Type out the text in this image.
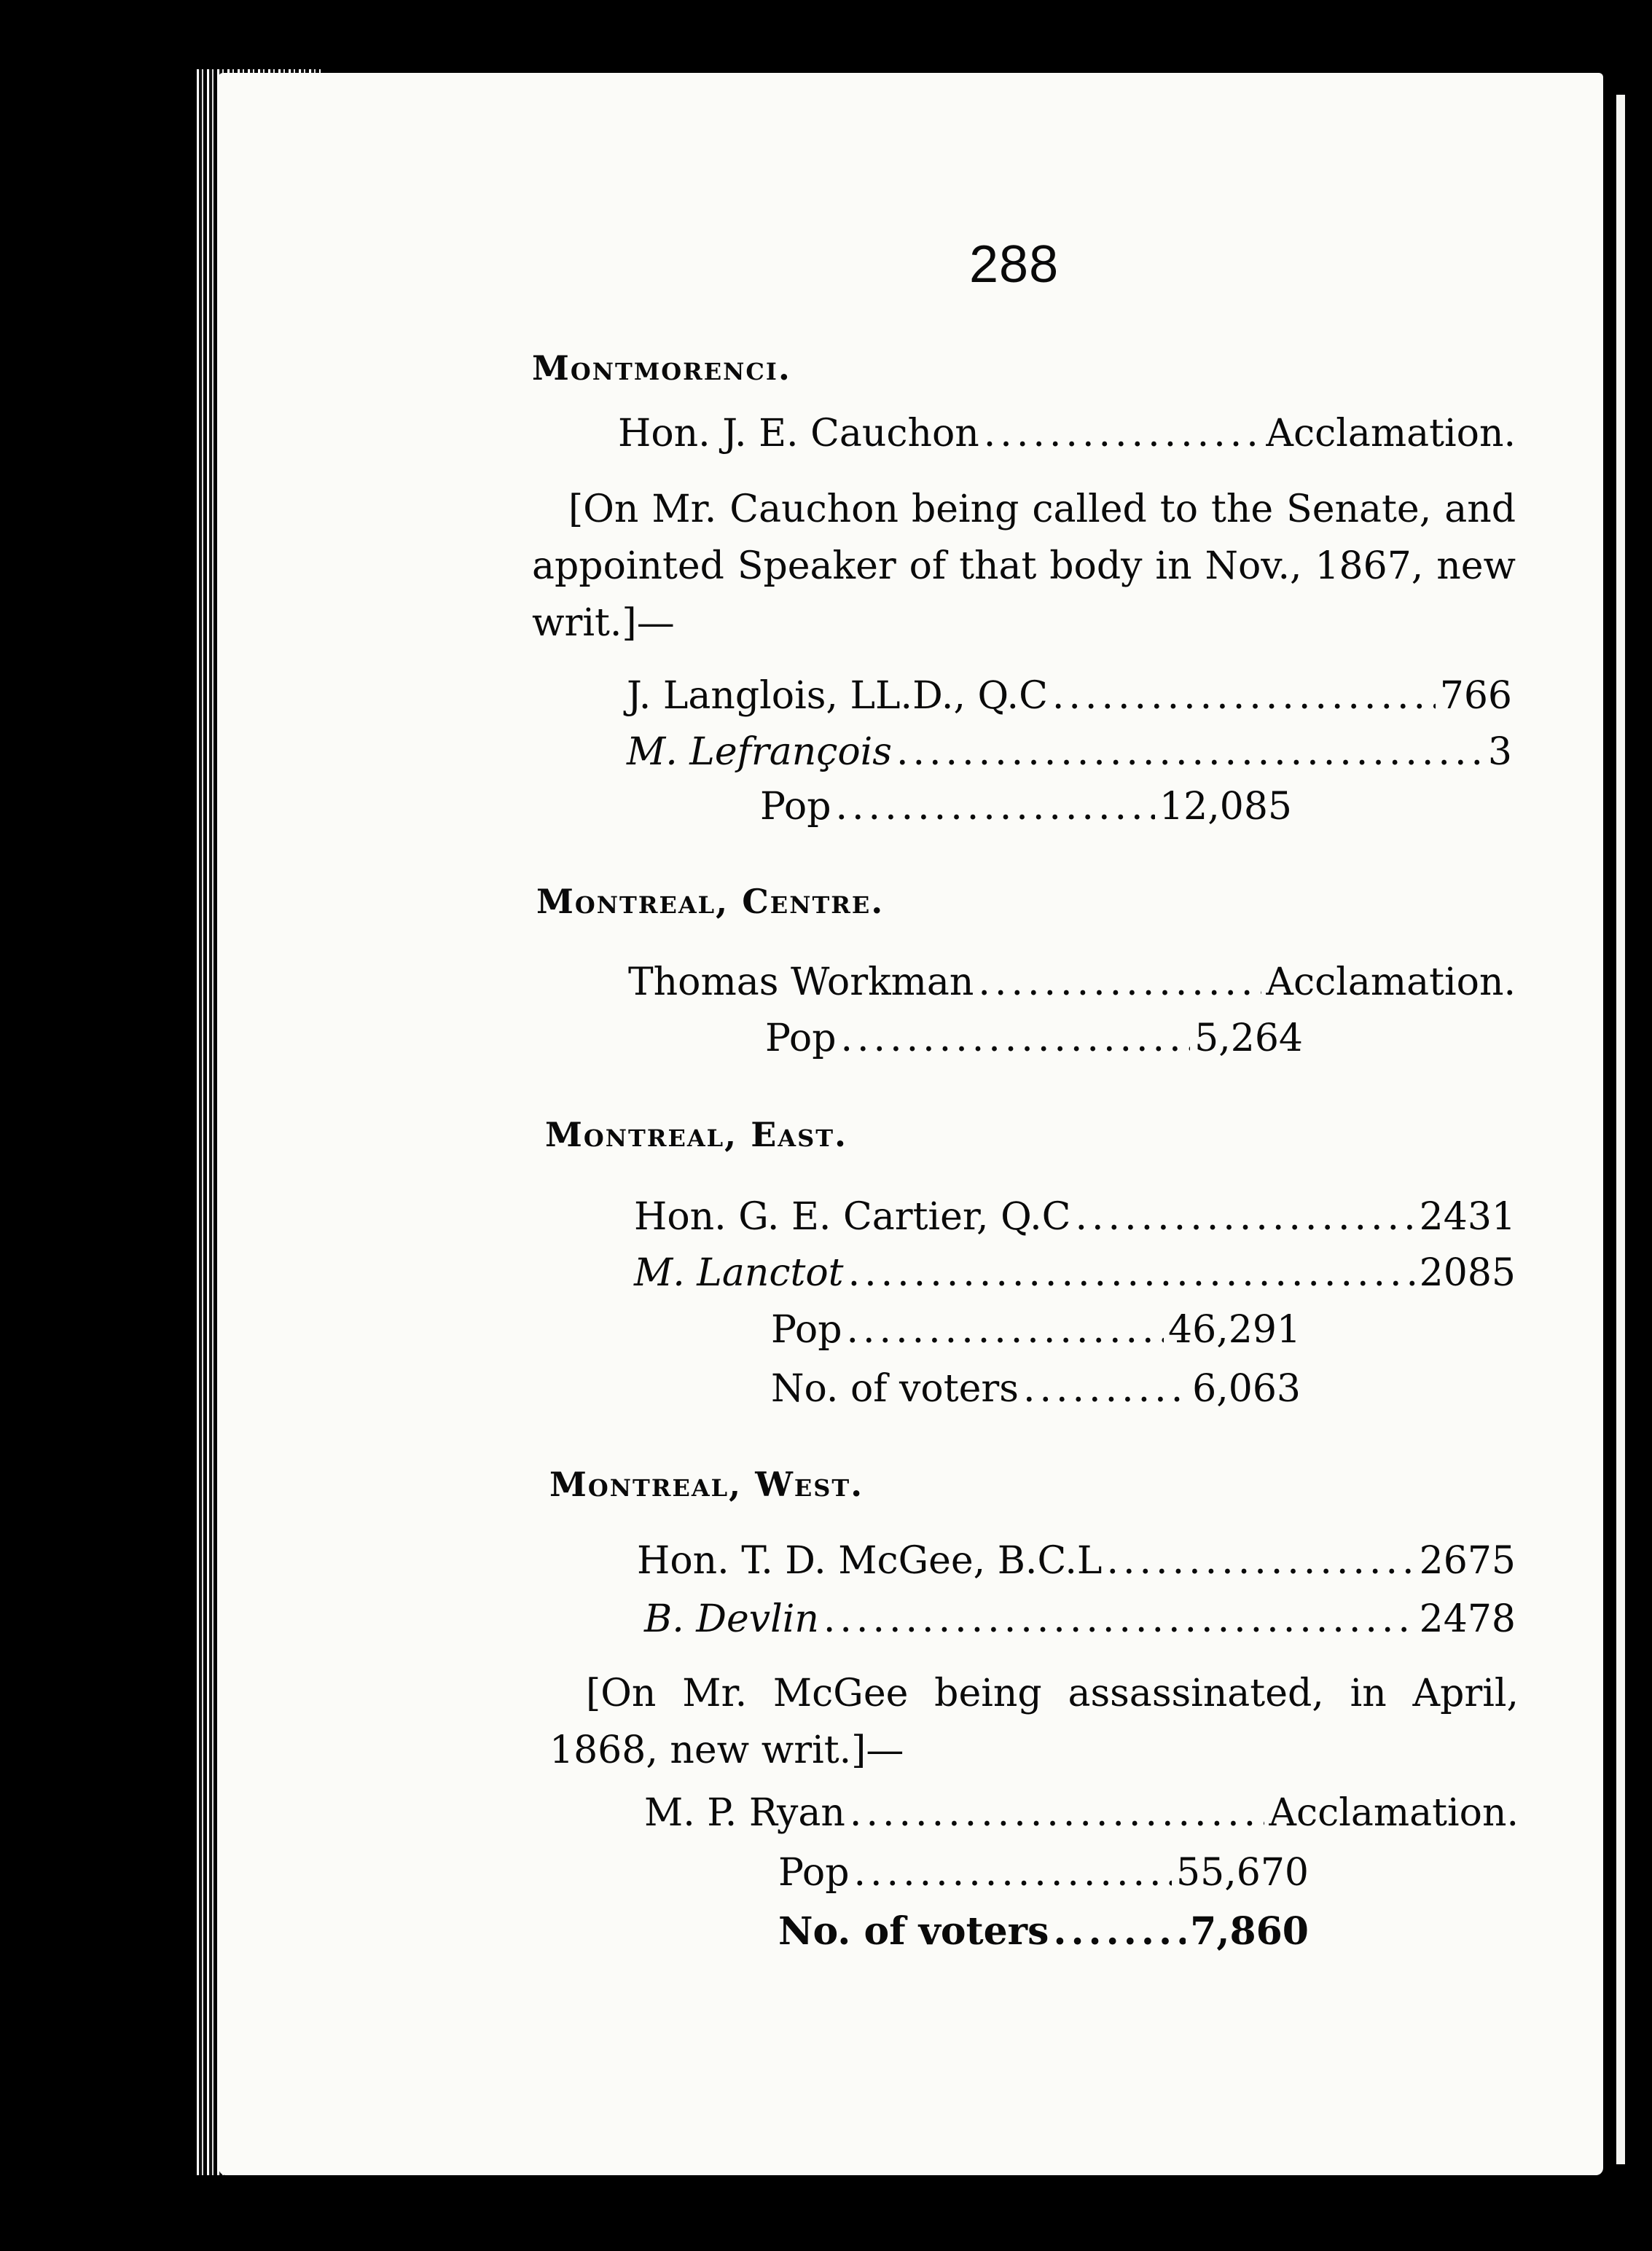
288
Montmorenci.
Hon. J. E. Cauchon .....	Acclamation.
[On Mr. Cauchon being called to the Senate, and appointed Speaker of that body in Nov., 1867, new writ.]—
J. Langlois, LL.D., Q.C .....	766
M. Lefrançois .....	3
Pop .....	12,085
Montreal, Centre.
Thomas Workman .....	Acclamation.
Pop .....	5,264
Montreal, East.
Hon. G. E. Cartier, Q.C .....	2431
M. Lanctot .....	2085
Pop .....	46,291
No. of voters .....	6,063
Montreal, West.
Hon. T. D. McGee, B.C.L .....	2675
B. Devlin .....	2478
[On Mr. McGee being assassinated, in April, 1868, new writ.]—
M. P. Ryan .....	Acclamation.
Pop .....	55,670
No. of voters .....	7,860
